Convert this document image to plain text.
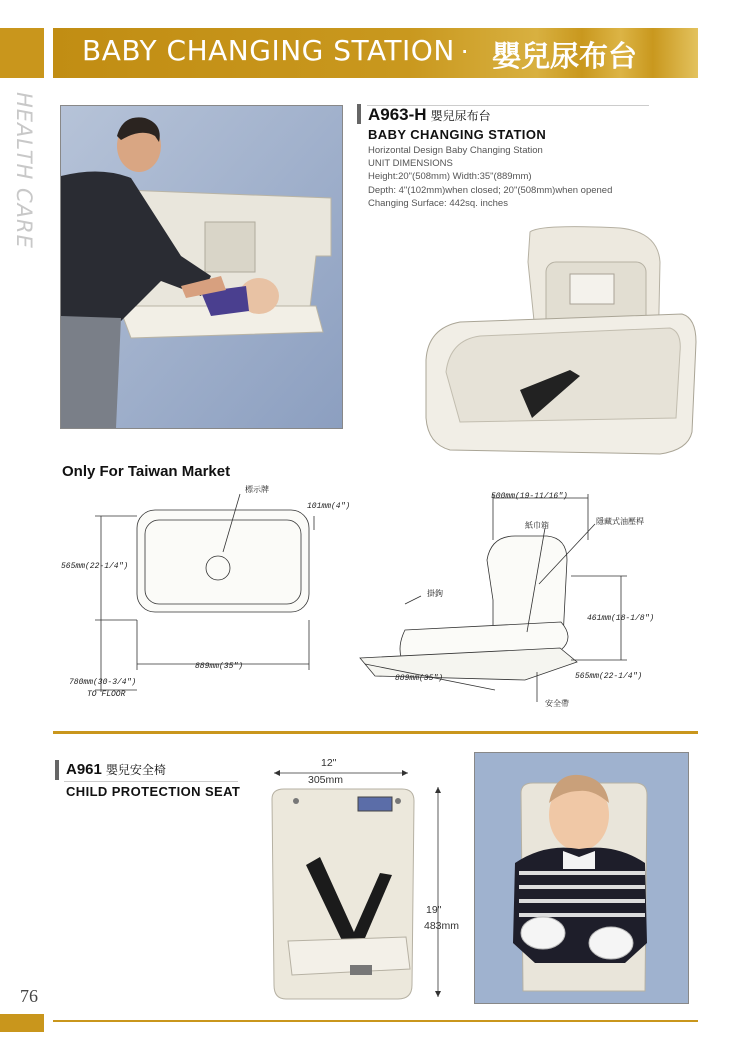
BABY CHANGING STATION · 嬰兒尿布台
HEALTH CARE	A963-H 嬰兒尿布台
BABY CHANGING STATION
Horizontal Design Baby Changing Station
UNIT DIMENSIONS
Height:20"(508mm) Width:35"(889mm)
Depth: 4"(102mm)when closed; 20"(508mm)when opened
Changing Surface: 442sq. inches
Only For Taiwan Market
標示牌
101mm(4")
565mm(22-1/4")
889mm(35")
780mm(30-3/4")
TO FLOOR
500mm(19-11/16")
紙巾箱	隱藏式油壓桿
掛鉤
461mm(18-1/8")
889mm(35")	565mm(22-1/4")
安全帶
A961 嬰兒安全椅
CHILD PROTECTION SEAT
12"
305mm
19"
483mm
76
